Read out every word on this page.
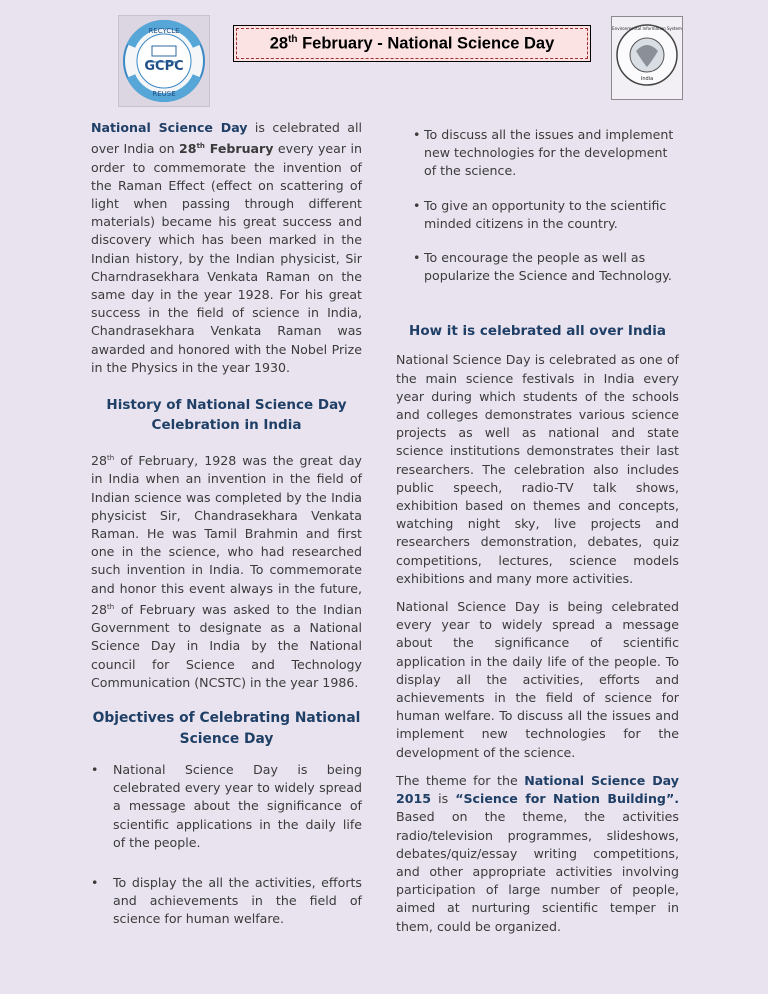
RECYCLE
GCPC
REUSE
28th February - National Science Day
Environmental Information System
India

National Science Day is celebrated all over India on 28th February every year in order to commemorate the invention of the Raman Effect (effect on scattering of light when passing through different materials) became his great success and discovery which has been marked in the Indian history, by the Indian physicist, Sir Charndrasekhara Venkata Raman on the same day in the year 1928. For his great success in the field of science in India, Chandrasekhara Venkata Raman was awarded and honored with the Nobel Prize in the Physics in the year 1930.

History of National Science Day Celebration in India

28th of February, 1928 was the great day in India when an invention in the field of Indian science was completed by the India physicist Sir, Chandrasekhara Venkata Raman. He was Tamil Brahmin and first one in the science, who had researched such invention in India. To commemorate and honor this event always in the future, 28th of February was asked to the Indian Government to designate as a National Science Day in India by the National council for Science and Technology Communication (NCSTC) in the year 1986.

Objectives of Celebrating National Science Day
• National Science Day is being celebrated every year to widely spread a message about the significance of scientific applications in the daily life of the people.
• To display the all the activities, efforts and achievements in the field of science for human welfare.
• To discuss all the issues and implement new technologies for the development of the science.
• To give an opportunity to the scientific minded citizens in the country.
• To encourage the people as well as popularize the Science and Technology.
How it is celebrated all over India

National Science Day is celebrated as one of the main science festivals in India every year during which students of the schools and colleges demonstrates various science projects as well as national and state science institutions demonstrates their last researchers. The celebration also includes public speech, radio-TV talk shows, exhibition based on themes and concepts, watching night sky, live projects and researchers demonstration, debates, quiz competitions, lectures, science models exhibitions and many more activities.

National Science Day is being celebrated every year to widely spread a message about the significance of scientific application in the daily life of the people. To display all the activities, efforts and achievements in the field of science for human welfare. To discuss all the issues and implement new technologies for the development of the science.

The theme for the National Science Day 2015 is “Science for Nation Building”. Based on the theme, the activities radio/television programmes, slideshows, debates/quiz/essay writing competitions, and other appropriate activities involving participation of large number of people, aimed at nurturing scientific temper in them, could be organized.
